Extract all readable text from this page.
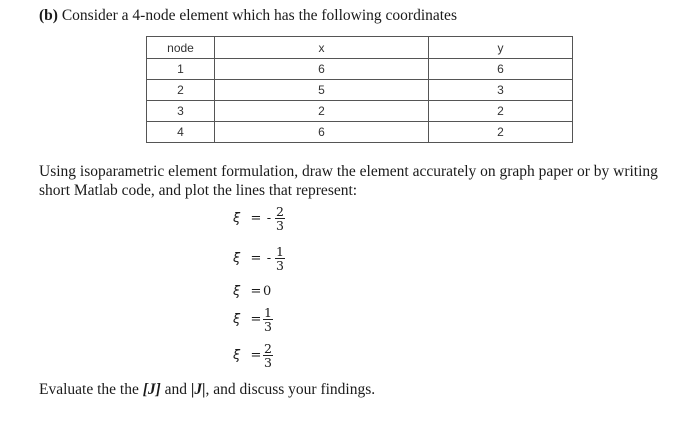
(b) Consider a 4-node element which has the following coordinates
node	x	y
1	6	6
2	5	3
3	2	2
4	6	2
Using isoparametric element formulation, draw the element accurately on graph paper or by writing short Matlab code, and plot the lines that represent:
ξ = - $\frac{2}{3}$
ξ = - $\frac{1}{3}$
ξ = 0
$\xi = \frac{1}{3}$
$\xi = \frac{2}{3}$
Evaluate the the [J] and |J|, and discuss your findings.
